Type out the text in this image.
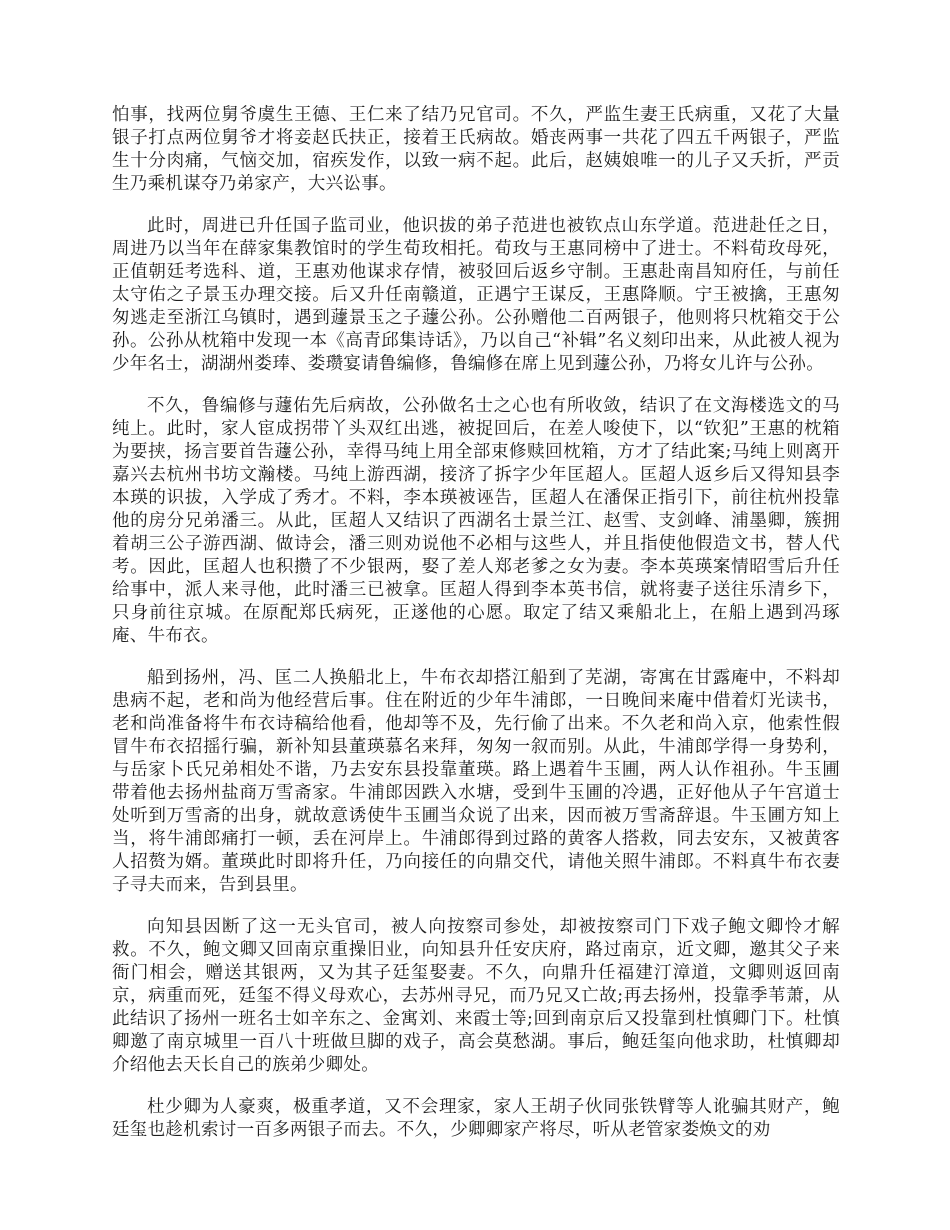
怕事，找两位舅爷虞生王德、王仁来了结乃兄官司。不久，严监生妻王氏病重，又花了大量银子打点两位舅爷才将妾赵氏扶正，接着王氏病故。婚丧两事一共花了四五千两银子，严监生十分肉痛，气恼交加，宿疾发作，以致一病不起。此后，赵姨娘唯一的儿子又夭折，严贡生乃乘机谋夺乃弟家产，大兴讼事。

此时，周进已升任国子监司业，他识拔的弟子范进也被钦点山东学道。范进赴任之日，周进乃以当年在薛家集教馆时的学生荀玫相托。荀玫与王惠同榜中了进士。不料荀玫母死，正值朝廷考选科、道，王惠劝他谋求存情，被驳回后返乡守制。王惠赴南昌知府任，与前任太守佑之子景玉办理交接。后又升任南赣道，正遇宁王谋反，王惠降顺。宁王被擒，王惠匆匆逃走至浙江乌镇时，遇到蘧景玉之子蘧公孙。公孙赠他二百两银子，他则将只枕箱交于公孙。公孙从枕箱中发现一本《高青邱集诗话》，乃以自己“补辑”名义刻印出来，从此被人视为少年名士，湖湖州娄琫、娄瓒宴请鲁编修，鲁编修在席上见到蘧公孙，乃将女儿许与公孙。

不久，鲁编修与蘧佑先后病故，公孙做名士之心也有所收敛，结识了在文海楼选文的马纯上。此时，家人宦成拐带丫头双红出逃，被捉回后，在差人唆使下，以“钦犯”王惠的枕箱为要挟，扬言要首告蘧公孙，幸得马纯上用全部束修赎回枕箱，方才了结此案;马纯上则离开嘉兴去杭州书坊文瀚楼。马纯上游西湖，接济了拆字少年匡超人。匡超人返乡后又得知县李本瑛的识拔，入学成了秀才。不料，李本瑛被诬告，匡超人在潘保正指引下，前往杭州投靠他的房分兄弟潘三。从此，匡超人又结识了西湖名士景兰江、赵雪、支剑峰、浦墨卿，簇拥着胡三公子游西湖、做诗会，潘三则劝说他不必相与这些人，并且指使他假造文书，替人代考。因此，匡超人也积攒了不少银两，娶了差人郑老爹之女为妻。李本英瑛案情昭雪后升任给事中，派人来寻他，此时潘三已被拿。匡超人得到李本英书信，就将妻子送往乐清乡下，只身前往京城。在原配郑氏病死，正遂他的心愿。取定了结又乘船北上，在船上遇到冯琢庵、牛布衣。

船到扬州，冯、匡二人换船北上，牛布衣却搭江船到了芜湖，寄寓在甘露庵中，不料却患病不起，老和尚为他经营后事。住在附近的少年牛浦郎，一日晚间来庵中借着灯光读书，老和尚准备将牛布衣诗稿给他看，他却等不及，先行偷了出来。不久老和尚入京，他索性假冒牛布衣招摇行骗，新补知县董瑛慕名来拜，匆匆一叙而别。从此，牛浦郎学得一身势利，与岳家卜氏兄弟相处不谐，乃去安东县投靠董瑛。路上遇着牛玉圃，两人认作祖孙。牛玉圃带着他去扬州盐商万雪斋家。牛浦郎因跌入水塘，受到牛玉圃的冷遇，正好他从子午宫道士处听到万雪斋的出身，就故意诱使牛玉圃当众说了出来，因而被万雪斋辞退。牛玉圃方知上当，将牛浦郎痛打一顿，丢在河岸上。牛浦郎得到过路的黄客人搭救，同去安东，又被黄客人招赘为婿。董瑛此时即将升任，乃向接任的向鼎交代，请他关照牛浦郎。不料真牛布衣妻子寻夫而来，告到县里。

向知县因断了这一无头官司，被人向按察司参处，却被按察司门下戏子鲍文卿怜才解救。不久，鲍文卿又回南京重操旧业，向知县升任安庆府，路过南京，近文卿，邀其父子来衙门相会，赠送其银两，又为其子廷玺娶妻。不久，向鼎升任福建汀漳道，文卿则返回南京，病重而死，廷玺不得义母欢心，去苏州寻兄，而乃兄又亡故;再去扬州，投靠季苇萧，从此结识了扬州一班名士如辛东之、金寓刘、来霞士等;回到南京后又投靠到杜慎卿门下。杜慎卿邀了南京城里一百八十班做旦脚的戏子，高会莫愁湖。事后，鲍廷玺向他求助，杜慎卿却介绍他去天长自己的族弟少卿处。

杜少卿为人豪爽，极重孝道，又不会理家，家人王胡子伙同张铁臂等人讹骗其财产，鲍廷玺也趁机索讨一百多两银子而去。不久，少卿卿家产将尽，听从老管家娄焕文的劝
